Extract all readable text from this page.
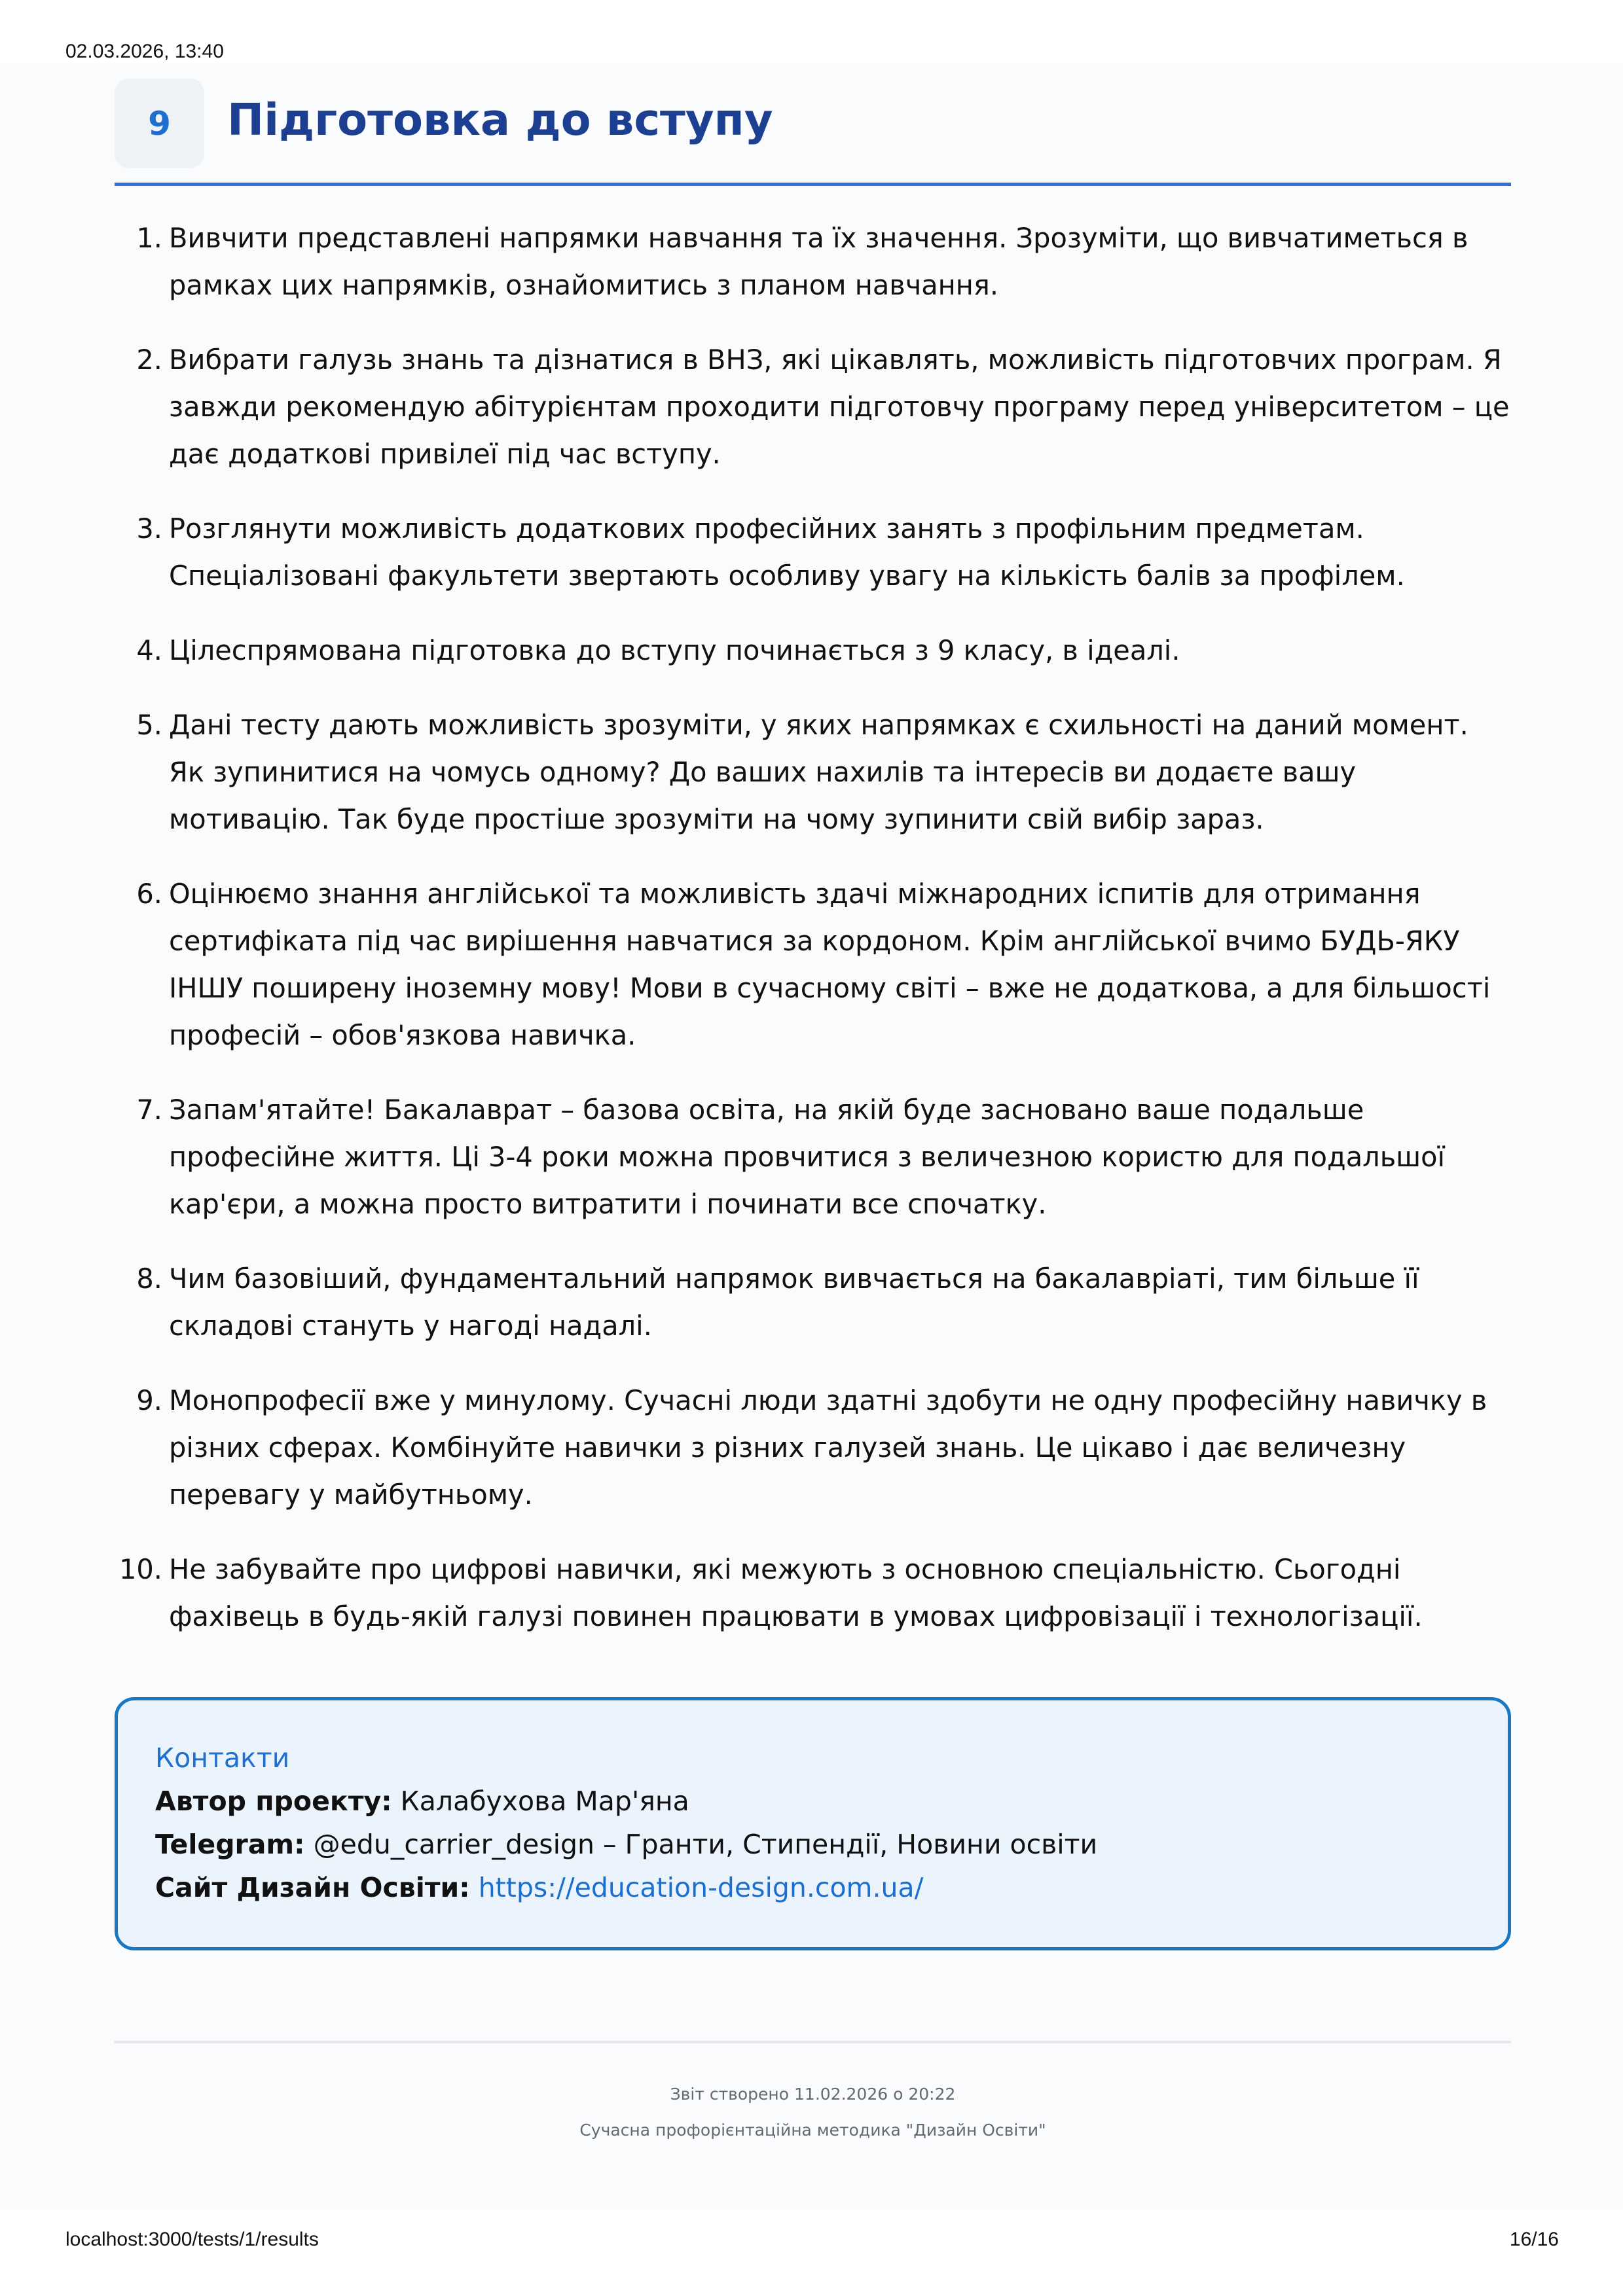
02.03.2026, 13:40
9	Підготовка до вступу
1. Вивчити представлені напрямки навчання та їх значення. Зрозуміти, що вивчатиметься в рамках цих напрямків, ознайомитись з планом навчання.
2. Вибрати галузь знань та дізнатися в ВНЗ, які цікавлять, можливість підготовчих програм. Я завжди рекомендую абітурієнтам проходити підготовчу програму перед університетом – це дає додаткові привілеї під час вступу.
3. Розглянути можливість додаткових професійних занять з профільним предметам. Спеціалізовані факультети звертають особливу увагу на кількість балів за профілем.
4. Цілеспрямована підготовка до вступу починається з 9 класу, в ідеалі.
5. Дані тесту дають можливість зрозуміти, у яких напрямках є схильності на даний момент. Як зупинитися на чомусь одному? До ваших нахилів та інтересів ви додаєте вашу мотивацію. Так буде простіше зрозуміти на чому зупинити свій вибір зараз.
6. Оцінюємо знання англійської та можливість здачі міжнародних іспитів для отримання сертифіката під час вирішення навчатися за кордоном. Крім англійської вчимо БУДЬ-ЯКУ ІНШУ поширену іноземну мову! Мови в сучасному світі – вже не додаткова, а для більшості професій – обов'язкова навичка.
7. Запам'ятайте! Бакалаврат – базова освіта, на якій буде засновано ваше подальше професійне життя. Ці 3-4 роки можна провчитися з величезною користю для подальшої кар'єри, а можна просто витратити і починати все спочатку.
8. Чим базовіший, фундаментальний напрямок вивчається на бакалавріаті, тим більше її складові стануть у нагоді надалі.
9. Монопрофесії вже у минулому. Сучасні люди здатні здобути не одну професійну навичку в різних сферах. Комбінуйте навички з різних галузей знань. Це цікаво і дає величезну перевагу у майбутньому.
10. Не забувайте про цифрові навички, які межують з основною спеціальністю. Сьогодні фахівець в будь-якій галузі повинен працювати в умовах цифровізації і технологізації.
Контакти
Автор проекту: Калабухова Мар'яна
Telegram: @edu_carrier_design – Гранти, Стипендії, Новини освіти
Сайт Дизайн Освіти: https://education-design.com.ua/
Звіт створено 11.02.2026 о 20:22
Сучасна профорієнтаційна методика "Дизайн Освіти"
localhost:3000/tests/1/results	16/16
